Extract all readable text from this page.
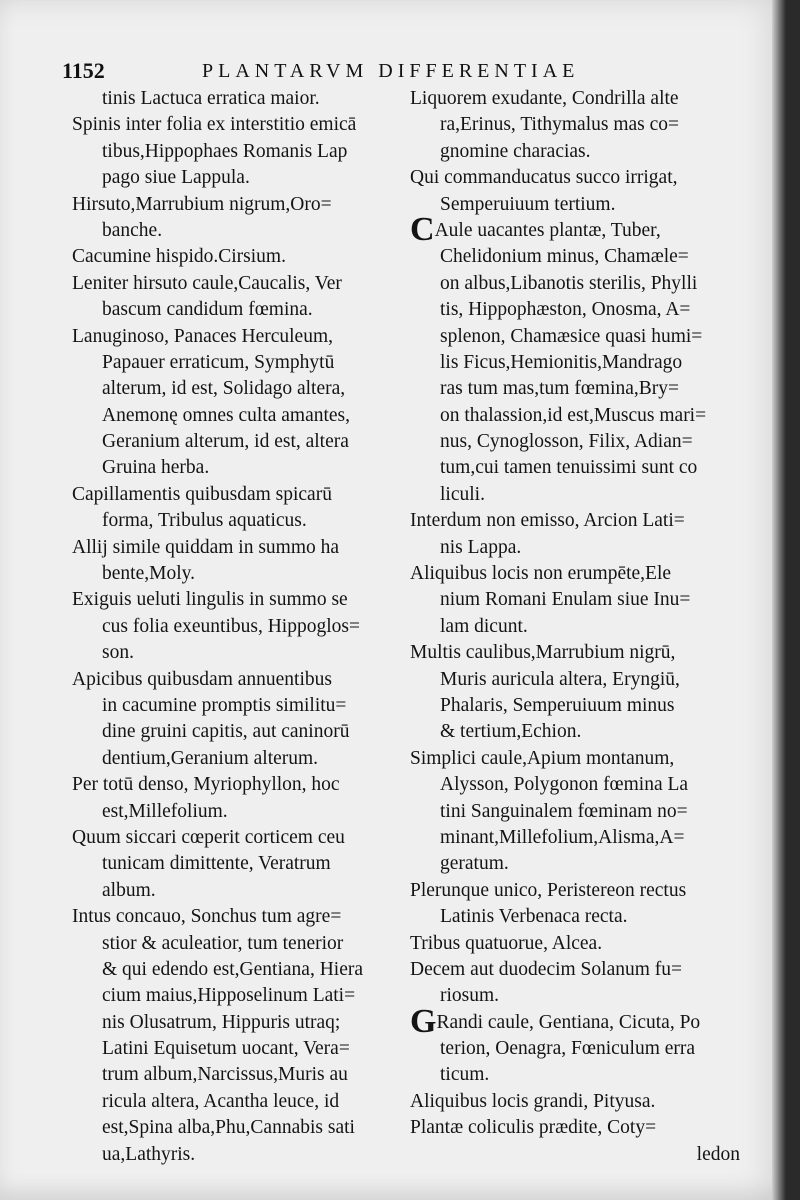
1152	PLANTARVM DIFFERENTIAE
tinis Lactuca erratica maior.
Spinis inter folia ex interstitio emicā
tibus,Hippophaes Romanis Lap
pago siue Lappula.
Hirsuto,Marrubium nigrum,Oro=
banche.
Cacumine hispido.Cirsium.
Leniter hirsuto caule,Caucalis, Ver
bascum candidum fœmina.
Lanuginoso, Panaces Herculeum,
Papauer erraticum, Symphytū
alterum, id est, Solidago altera,
Anemonę omnes culta amantes,
Geranium alterum, id est, altera
Gruina herba.
Capillamentis quibusdam spicarū
forma, Tribulus aquaticus.
Allij simile quiddam in summo ha
bente,Moly.
Exiguis ueluti lingulis in summo se
cus folia exeuntibus, Hippoglos=
son.
Apicibus quibusdam annuentibus
in cacumine promptis similitu=
dine gruini capitis, aut caninorū
dentium,Geranium alterum.
Per totū denso, Myriophyllon, hoc
est,Millefolium.
Quum siccari cœperit corticem ceu
tunicam dimittente, Veratrum
album.
Intus concauo, Sonchus tum agre=
stior & aculeatior, tum tenerior
& qui edendo est,Gentiana, Hiera
cium maius,Hipposelinum Lati=
nis Olusatrum, Hippuris utraq;
Latini Equisetum uocant, Vera=
trum album,Narcissus,Muris au
ricula altera, Acantha leuce, id
est,Spina alba,Phu,Cannabis sati
ua,Lathyris.
Liquorem exudante, Condrilla alte
ra,Erinus, Tithymalus mas co=
gnomine characias.
Qui commanducatus succo irrigat,
Semperuiuum tertium.
CAule uacantes plantæ, Tuber,
Chelidonium minus, Chamæle=
on albus,Libanotis sterilis, Phylli
tis, Hippophæston, Onosma, A=
splenon, Chamæsice quasi humi=
lis Ficus,Hemionitis,Mandrago
ras tum mas,tum fœmina,Bry=
on thalassion,id est,Muscus mari=
nus, Cynoglosson, Filix, Adian=
tum,cui tamen tenuissimi sunt co
liculi.
Interdum non emisso, Arcion Lati=
nis Lappa.
Aliquibus locis non erumpēte,Ele
nium Romani Enulam siue Inu=
lam dicunt.
Multis caulibus,Marrubium nigrū,
Muris auricula altera, Eryngiū,
Phalaris, Semperuiuum minus
& tertium,Echion.
Simplici caule,Apium montanum,
Alysson, Polygonon fœmina La
tini Sanguinalem fœminam no=
minant,Millefolium,Alisma,A=
geratum.
Plerunque unico, Peristereon rectus
Latinis Verbenaca recta.
Tribus quatuorue, Alcea.
Decem aut duodecim Solanum fu=
riosum.
GRandi caule, Gentiana, Cicuta, Po
terion, Oenagra, Fœniculum erra
ticum.
Aliquibus locis grandi, Pityusa.
Plantæ coliculis prædite, Coty=
ledon
